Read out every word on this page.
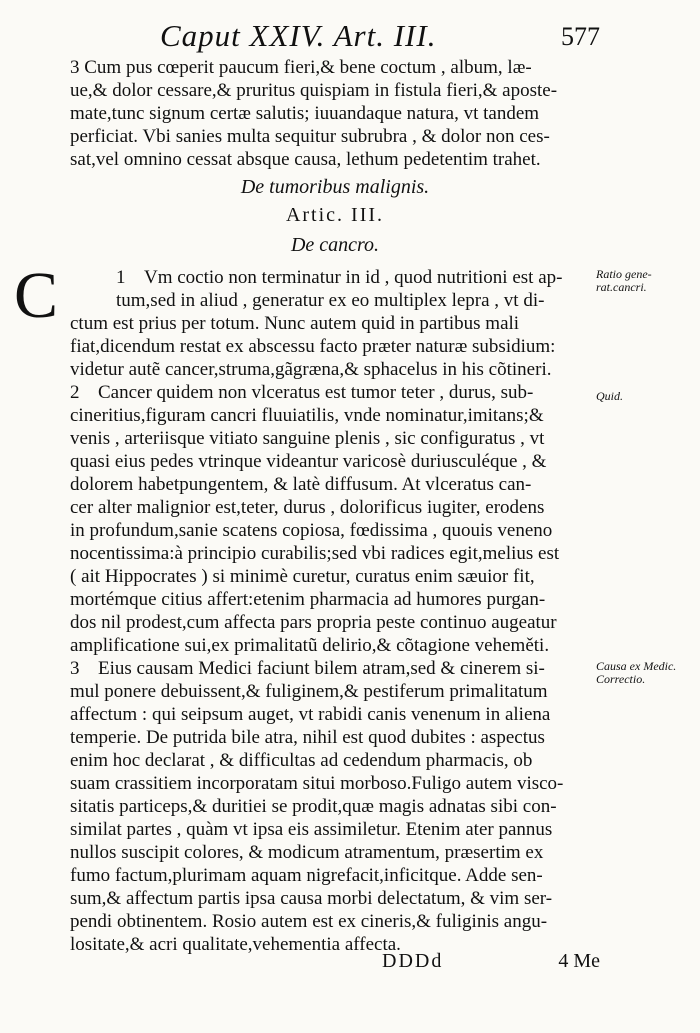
Caput XXIV. Art. III.	577
3 Cum pus cœperit paucum fieri,& bene coctum , album, læ-
ue,& dolor cessare,& pruritus quispiam in fistula fieri,& aposte-
mate,tunc signum certæ salutis; iuuandaque natura, vt tandem
perficiat. Vbi sanies multa sequitur subrubra , & dolor non ces-
sat,vel omnino cessat absque causa, lethum pedetentim trahet.
De tumoribus malignis.
Artic. III.
De cancro.
C	1 Vm coctio non terminatur in id , quod nutritioni est ap-
tum,sed in aliud , generatur ex eo multiplex lepra , vt di-
ctum est prius per totum. Nunc autem quid in partibus mali
fiat,dicendum restat ex abscessu facto præter naturæ subsidium:
videtur autẽ cancer,struma,gãgræna,& sphacelus in his cõtineri.
2 Cancer quidem non vlceratus est tumor teter , durus, sub-
cineritius,figuram cancri fluuiatilis, vnde nominatur,imitans;&
venis , arteriisque vitiato sanguine plenis , sic configuratus , vt
quasi eius pedes vtrinque videantur varicosè duriusculéque , &
dolorem habetpungentem, & latè diffusum. At vlceratus can-
cer alter malignior est,teter, durus , dolorificus iugiter, erodens
in profundum,sanie scatens copiosa, fœdissima , quouis veneno
nocentissima:à principio curabilis;sed vbi radices egit,melius est
( ait Hippocrates ) si minimè curetur, curatus enim sæuior fit,
mortémque citius affert:etenim pharmacia ad humores purgan-
dos nil prodest,cum affecta pars propria peste continuo augeatur
amplificatione sui,ex primalitatũ delirio,& cõtagione veheměti.
3 Eius causam Medici faciunt bilem atram,sed & cinerem si-
mul ponere debuissent,& fuliginem,& pestiferum primalitatum
affectum : qui seipsum auget, vt rabidi canis venenum in aliena
temperie. De putrida bile atra, nihil est quod dubites : aspectus
enim hoc declarat , & difficultas ad cedendum pharmacis, ob
suam crassitiem incorporatam situi morboso.Fuligo autem visco-
sitatis particeps,& duritiei se prodit,quæ magis adnatas sibi con-
similat partes , quàm vt ipsa eis assimiletur. Etenim ater pannus
nullos suscipit colores, & modicum atramentum, præsertim ex
fumo factum,plurimam aquam nigrefacit,inficitque. Adde sen-
sum,& affectum partis ipsa causa morbi delectatum, & vim ser-
pendi obtinentem. Rosio autem est ex cineris,& fuliginis angu-
lositate,& acri qualitate,vehementia affecta.
Ratio gene- rat.cancri.
Quid.
Causa ex Medic. Correctio.
DDDd	4 Me
